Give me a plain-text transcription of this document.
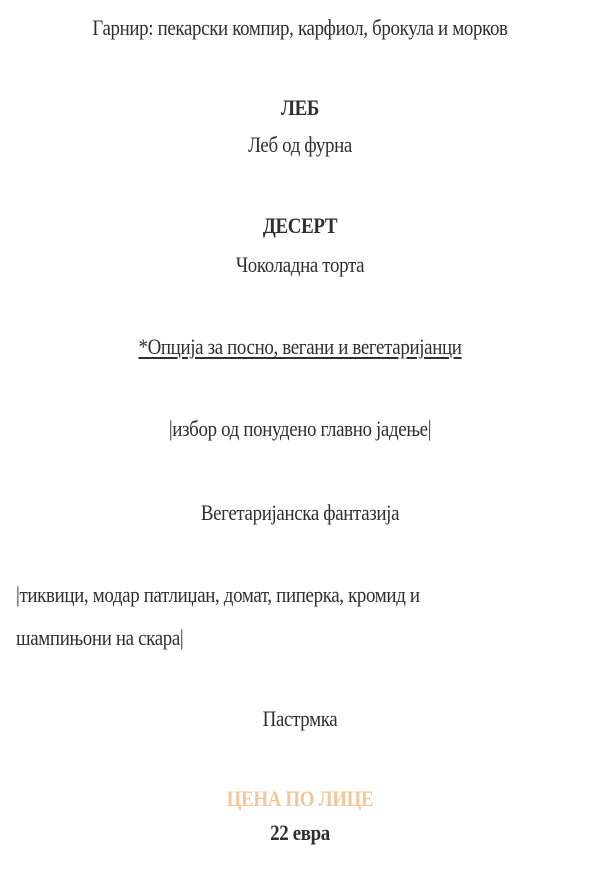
Гарнир: пекарски компир, карфиол, брокула и морков
ЛЕБ
Леб од фурна
ДЕСЕРТ
Чоколадна торта
*Опција за посно, вегани и вегетаријанци
|избор од понудено главно јадење|
Вегетаријанска фантазија
|тиквици, модар патлиџан, домат, пиперка, кромид и
шампињони на скара|
Пастрмка
ЦЕНА ПО ЛИЦЕ
22 евра
